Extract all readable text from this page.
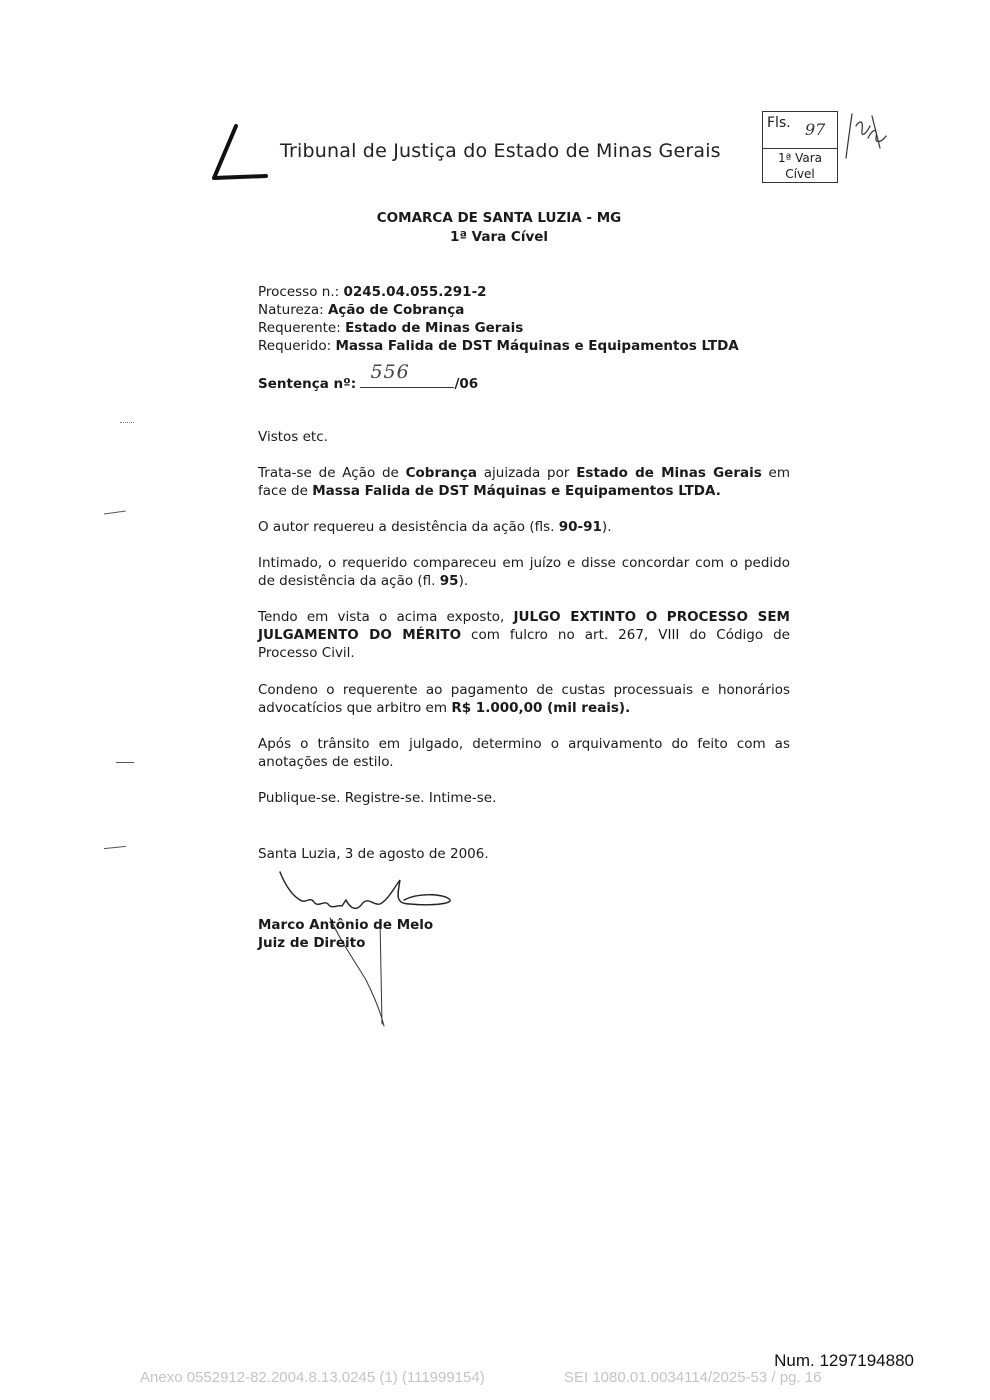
Tribunal de Justiça do Estado de Minas Gerais
Fls. 97
1ª Vara
Cível
COMARCA DE SANTA LUZIA - MG
1ª Vara Cível
Processo n.: 0245.04.055.291-2
Natureza: Ação de Cobrança
Requerente: Estado de Minas Gerais
Requerido: Massa Falida de DST Máquinas e Equipamentos LTDA
Sentença nº:
556
/06
Vistos etc.
Trata-se de Ação de Cobrança ajuizada por Estado de Minas Gerais em face de Massa Falida de DST Máquinas e Equipamentos LTDA.
O autor requereu a desistência da ação (fls. 90-91).
Intimado, o requerido compareceu em juízo e disse concordar com o pedido de desistência da ação (fl. 95).
Tendo em vista o acima exposto, JULGO EXTINTO O PROCESSO SEM JULGAMENTO DO MÉRITO com fulcro no art. 267, VIII do Código de Processo Civil.
Condeno o requerente ao pagamento de custas processuais e honorários advocatícios que arbitro em R$ 1.000,00 (mil reais).
Após o trânsito em julgado, determino o arquivamento do feito com as anotações de estilo.
Publique-se. Registre-se. Intime-se.
Santa Luzia, 3 de agosto de 2006.
Marco Antônio de Melo
Juiz de Direito
Num. 1297194880
Anexo 0552912-82.2004.8.13.0245 (1) (111999154)	SEI 1080.01.0034114/2025-53 / pg. 16
